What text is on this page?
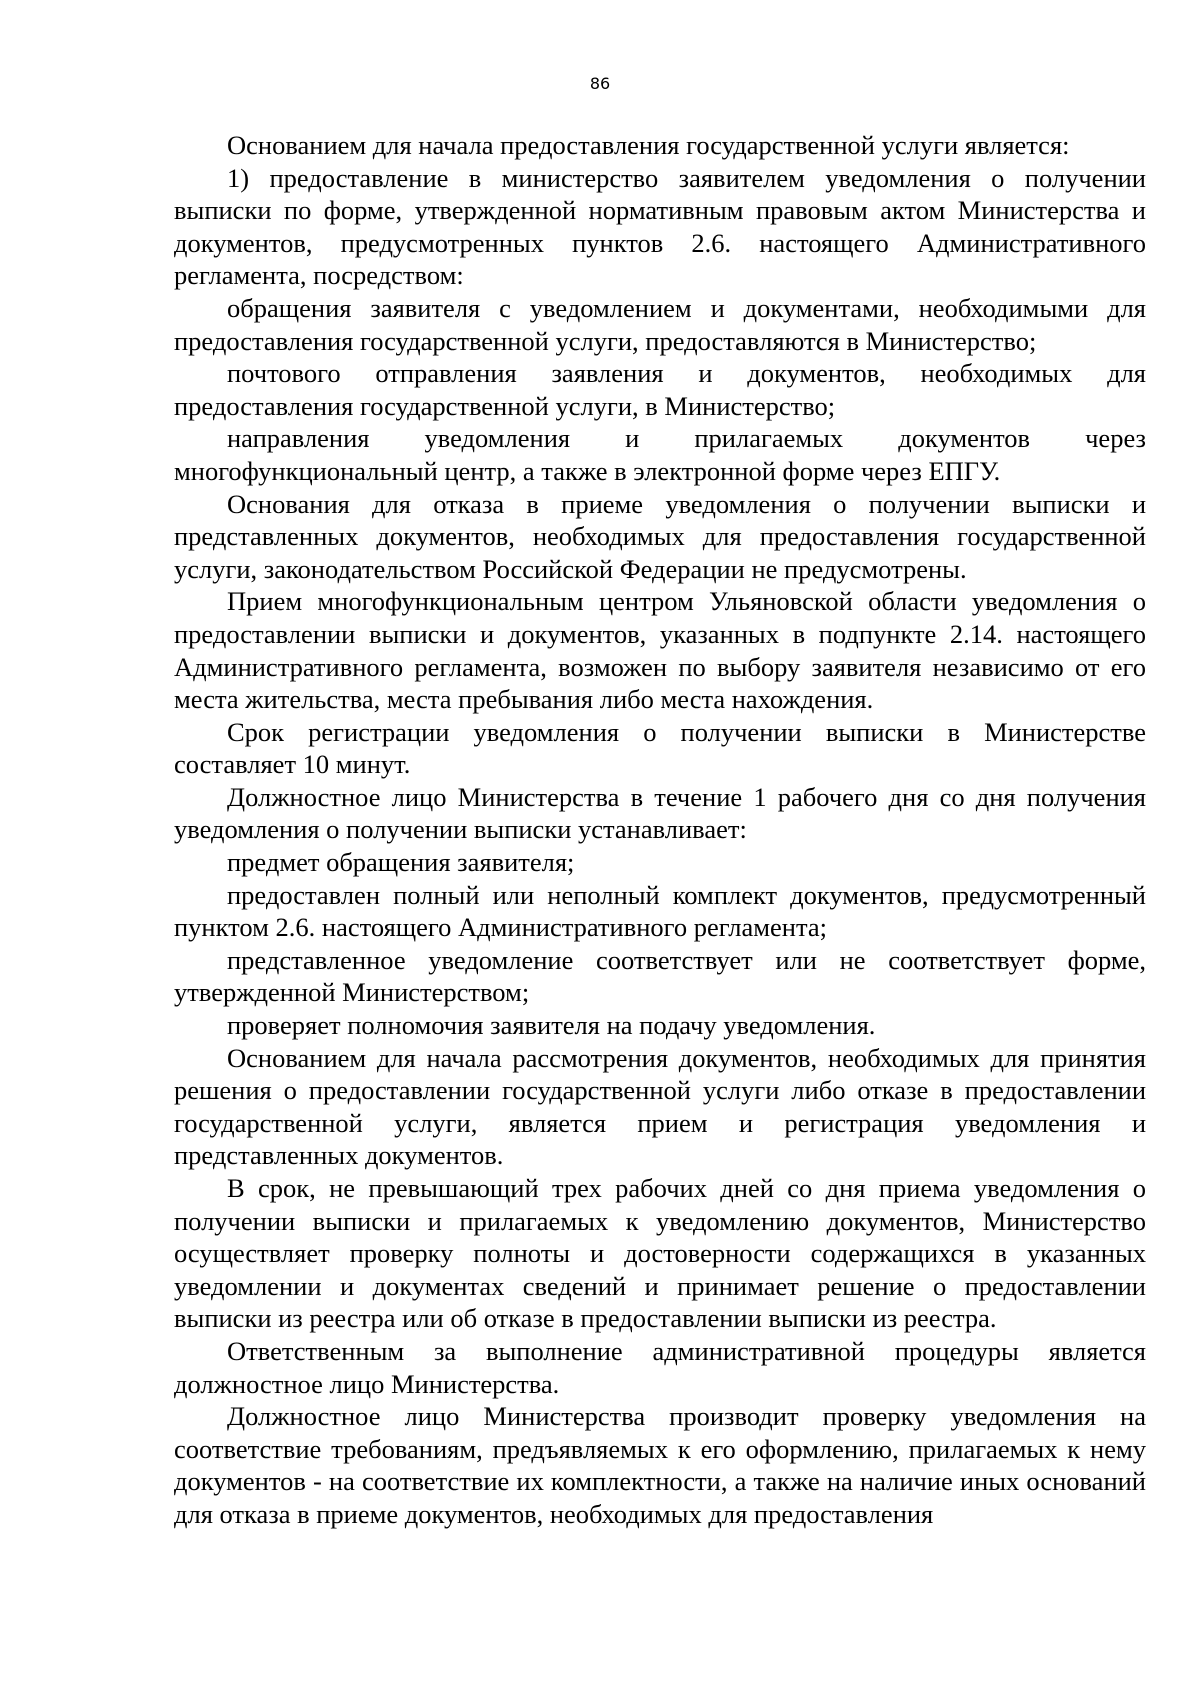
86

Основанием для начала предоставления государственной услуги является:

1) предоставление в министерство заявителем уведомления о получении выписки по форме, утвержденной нормативным правовым актом Министерства и документов, предусмотренных пунктов 2.6. настоящего Административного регламента, посредством:

обращения заявителя с уведомлением и документами, необходимыми для предоставления государственной услуги, предоставляются в Министерство;

почтового отправления заявления и документов, необходимых для предоставления государственной услуги, в Министерство;

направления уведомления и прилагаемых документов через многофункциональный центр, а также в электронной форме через ЕПГУ.

Основания для отказа в приеме уведомления о получении выписки и представленных документов, необходимых для предоставления государственной услуги, законодательством Российской Федерации не предусмотрены.

Прием многофункциональным центром Ульяновской области уведомления о предоставлении выписки и документов, указанных в подпункте 2.14. настоящего Административного регламента, возможен по выбору заявителя независимо от его места жительства, места пребывания либо места нахождения.

Срок регистрации уведомления о получении выписки в Министерстве составляет 10 минут.

Должностное лицо Министерства в течение 1 рабочего дня со дня получения уведомления о получении выписки устанавливает:

предмет обращения заявителя;

предоставлен полный или неполный комплект документов, предусмотренный пунктом 2.6. настоящего Административного регламента;

представленное уведомление соответствует или не соответствует форме, утвержденной Министерством;

проверяет полномочия заявителя на подачу уведомления.

Основанием для начала рассмотрения документов, необходимых для принятия решения о предоставлении государственной услуги либо отказе в предоставлении государственной услуги, является прием и регистрация уведомления и представленных документов.

В срок, не превышающий трех рабочих дней со дня приема уведомления о получении выписки и прилагаемых к уведомлению документов, Министерство осуществляет проверку полноты и достоверности содержащихся в указанных уведомлении и документах сведений и принимает решение о предоставлении выписки из реестра или об отказе в предоставлении выписки из реестра.

Ответственным за выполнение административной процедуры является должностное лицо Министерства.

Должностное лицо Министерства производит проверку уведомления на соответствие требованиям, предъявляемых к его оформлению, прилагаемых к нему документов - на соответствие их комплектности, а также на наличие иных оснований для отказа в приеме документов, необходимых для предоставления
